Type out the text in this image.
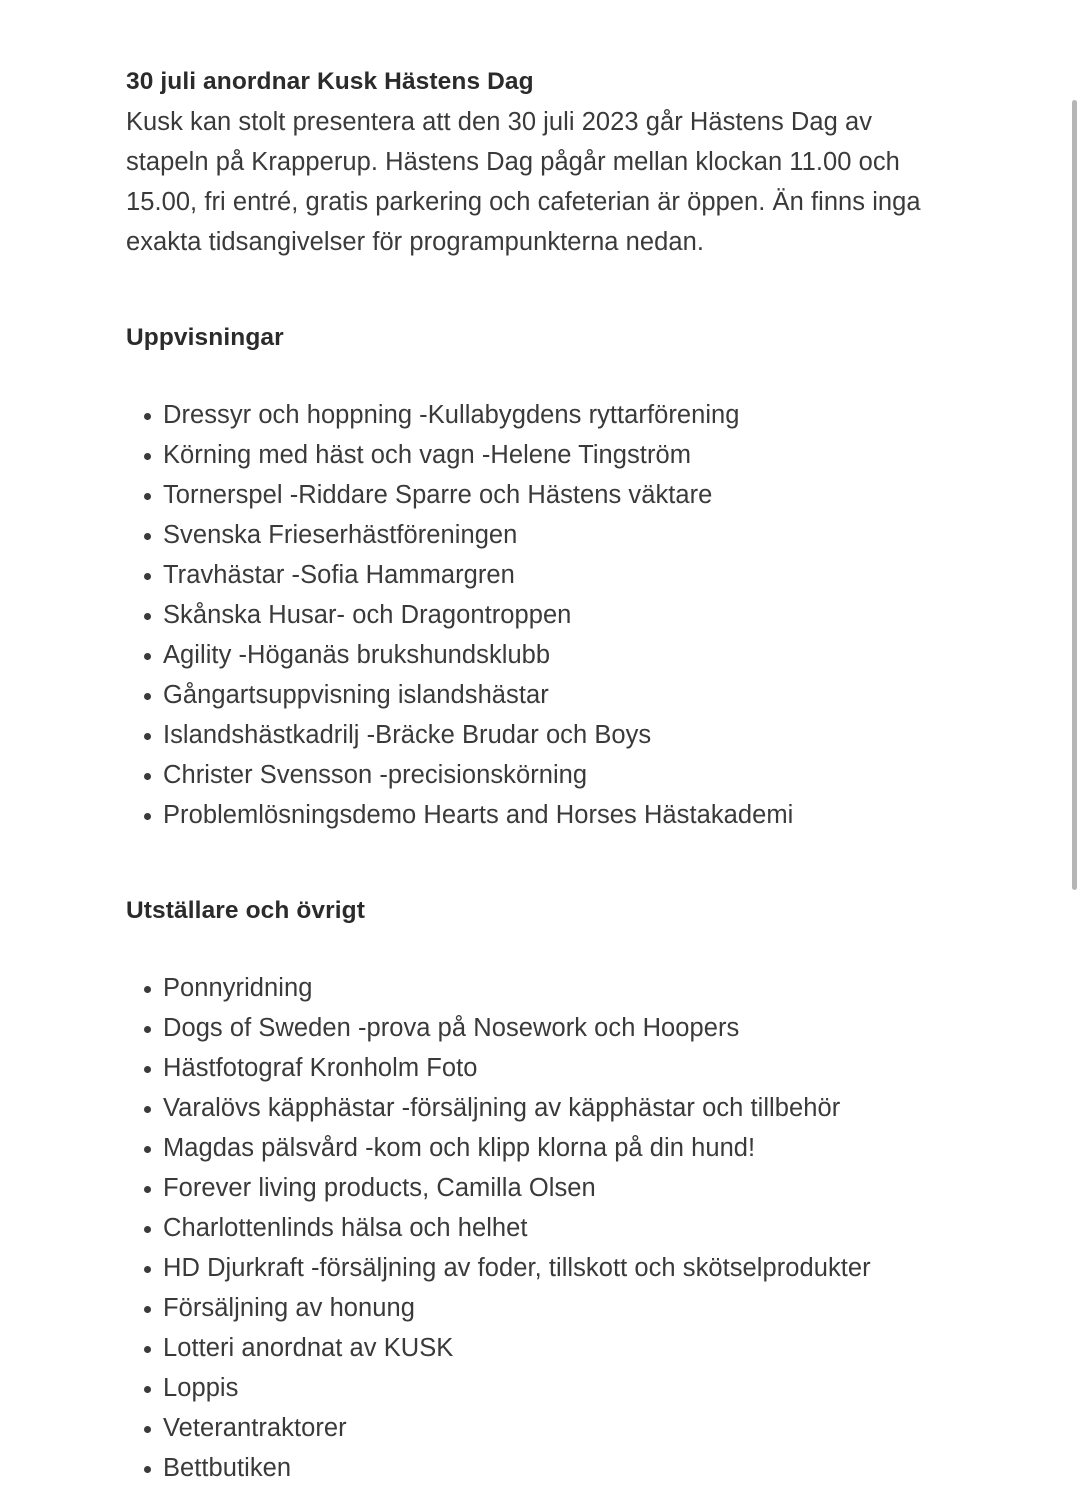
30 juli anordnar Kusk Hästens Dag

Kusk kan stolt presentera att den 30 juli 2023 går Hästens Dag av stapeln på Krapperup. Hästens Dag pågår mellan klockan 11.00 och 15.00, fri entré, gratis parkering och cafeterian är öppen. Än finns inga exakta tidsangivelser för programpunkterna nedan.

Uppvisningar
Dressyr och hoppning -Kullabygdens ryttarförening
Körning med häst och vagn -Helene Tingström
Tornerspel -Riddare Sparre och Hästens väktare
Svenska Frieserhästföreningen
Travhästar -Sofia Hammargren
Skånska Husar- och Dragontroppen
Agility -Höganäs brukshundsklubb
Gångartsuppvisning islandshästar
Islandshästkadrilj -Bräcke Brudar och Boys
Christer Svensson -precisionskörning
Problemlösningsdemo Hearts and Horses Hästakademi
Utställare och övrigt
Ponnyridning
Dogs of Sweden -prova på Nosework och Hoopers
Hästfotograf Kronholm Foto
Varalövs käpphästar -försäljning av käpphästar och tillbehör
Magdas pälsvård -kom och klipp klorna på din hund!
Forever living products, Camilla Olsen
Charlottenlinds hälsa och helhet
HD Djurkraft -försäljning av foder, tillskott och skötselprodukter
Försäljning av honung
Lotteri anordnat av KUSK
Loppis
Veterantraktorer
Bettbutiken
